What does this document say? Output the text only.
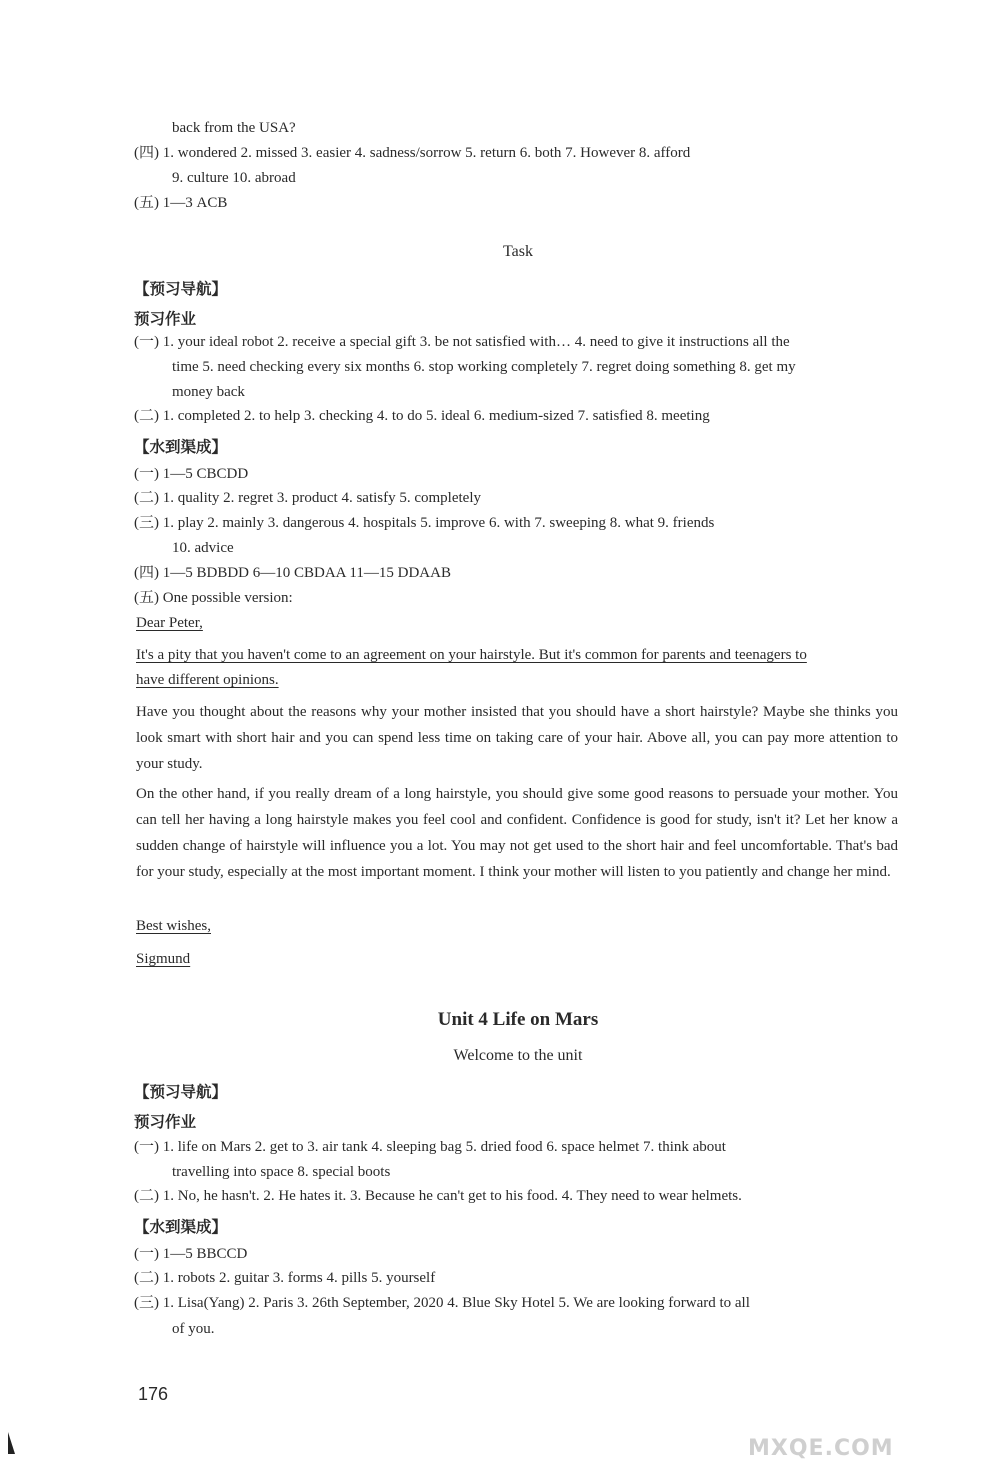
back from the USA?
(四) 1. wondered 2. missed 3. easier 4. sadness/sorrow 5. return 6. both 7. However 8. afford
9. culture 10. abroad
(五) 1—3 ACB
Task
【预习导航】
预习作业
(一) 1. your ideal robot 2. receive a special gift 3. be not satisfied with… 4. need to give it instructions all the
time 5. need checking every six months 6. stop working completely 7. regret doing something 8. get my
money back
(二) 1. completed 2. to help 3. checking 4. to do 5. ideal 6. medium-sized 7. satisfied 8. meeting
【水到渠成】
(一) 1—5 CBCDD
(二) 1. quality 2. regret 3. product 4. satisfy 5. completely
(三) 1. play 2. mainly 3. dangerous 4. hospitals 5. improve 6. with 7. sweeping 8. what 9. friends
10. advice
(四) 1—5 BDBDD 6—10 CBDAA 11—15 DDAAB
(五) One possible version:
Dear Peter,
It's a pity that you haven't come to an agreement on your hairstyle. But it's common for parents and teenagers to
have different opinions.
Have you thought about the reasons why your mother insisted that you should have a short hairstyle? Maybe she thinks you look smart with short hair and you can spend less time on taking care of your hair. Above all, you can pay more attention to your study.
On the other hand, if you really dream of a long hairstyle, you should give some good reasons to persuade your mother. You can tell her having a long hairstyle makes you feel cool and confident. Confidence is good for study, isn't it? Let her know a sudden change of hairstyle will influence you a lot. You may not get used to the short hair and feel uncomfortable. That's bad for your study, especially at the most important moment. I think your mother will listen to you patiently and change her mind.
Best wishes,
Sigmund
Unit 4 Life on Mars
Welcome to the unit
【预习导航】
预习作业
(一) 1. life on Mars 2. get to 3. air tank 4. sleeping bag 5. dried food 6. space helmet 7. think about
travelling into space 8. special boots
(二) 1. No, he hasn't. 2. He hates it. 3. Because he can't get to his food. 4. They need to wear helmets.
【水到渠成】
(一) 1—5 BBCCD
(二) 1. robots 2. guitar 3. forms 4. pills 5. yourself
(三) 1. Lisa(Yang) 2. Paris 3. 26th September, 2020 4. Blue Sky Hotel 5. We are looking forward to all
of you.
176
MXQE.COM
